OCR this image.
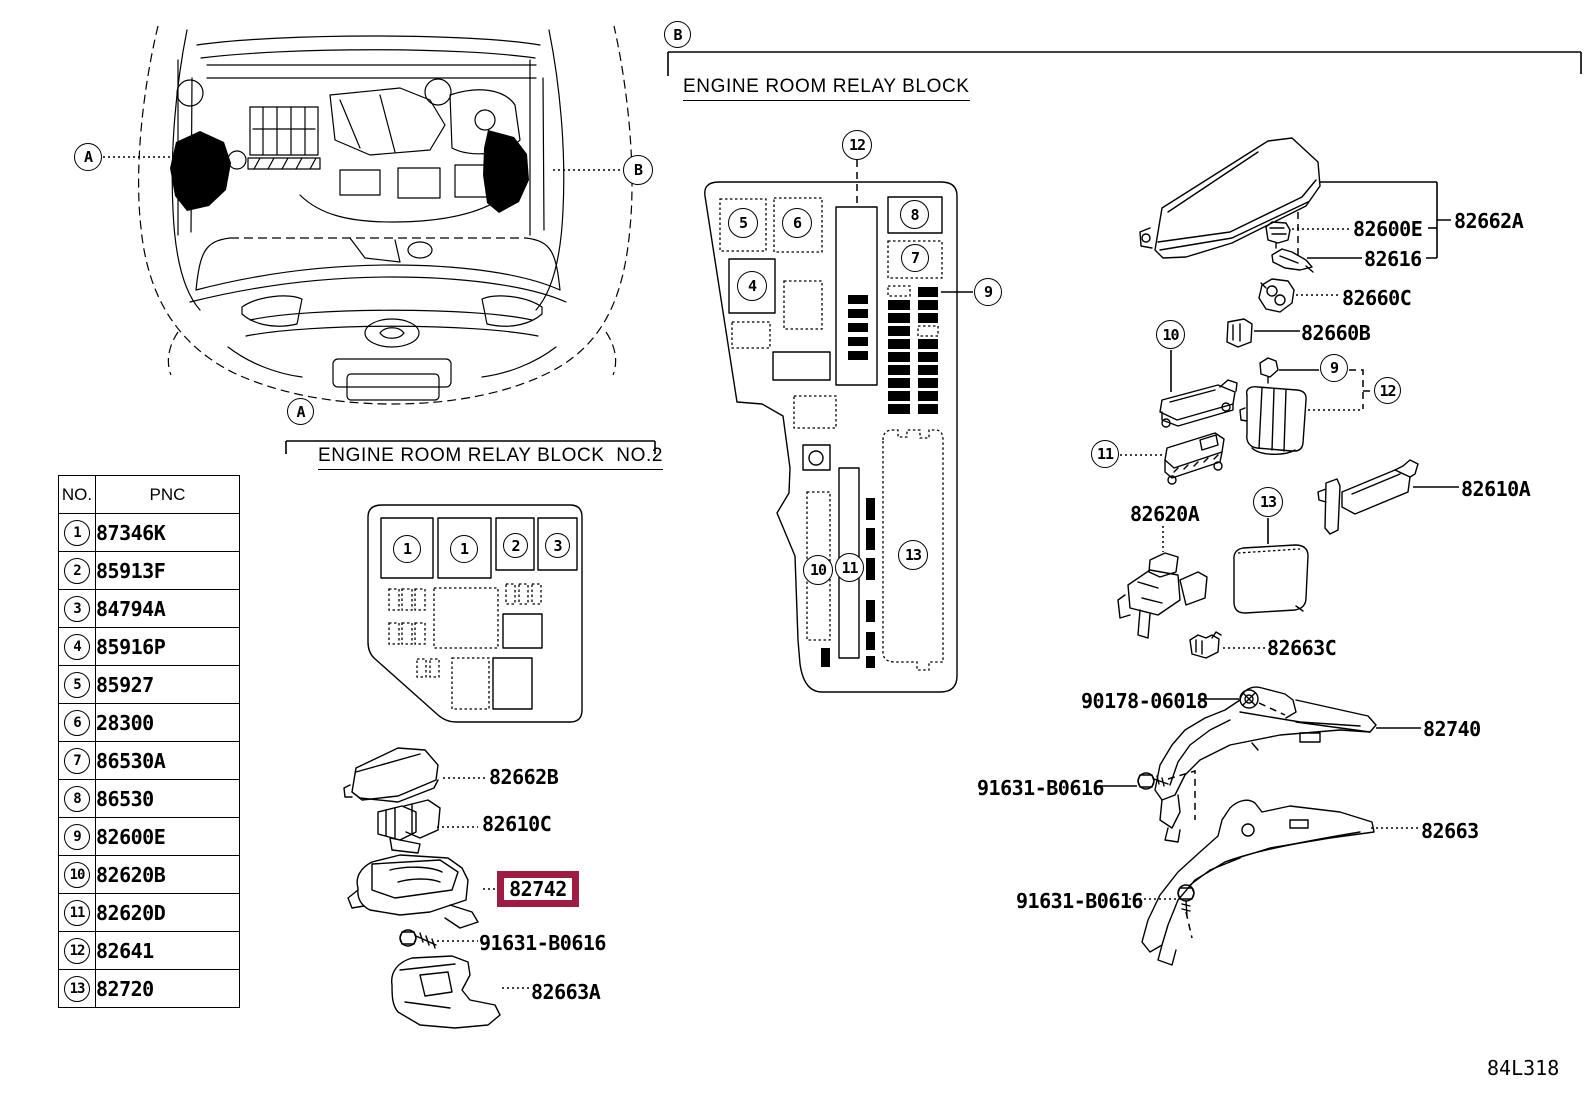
NO.	PNC
1	87346K
2	85913F
3	84794A
4	85916P
5	85927
6	28300
7	86530A
8	86530
9	82600E
10	82620B
11	82620D
12	82641
13	82720
ENGINE ROOM RELAY BLOCK  NO.2
ENGINE ROOM RELAY BLOCK
A
B
A
B
1	1	2	3
12
5	6
4
8
7
9
10	11
13
10
9
12
11
13
82662B
82610C
82742
91631-B0616
82663A
82600E 82662A
82616
82660C
82660B
82620A
82610A
82663C
90178-06018
82740
91631-B0616
82663
91631-B0616
84L318
